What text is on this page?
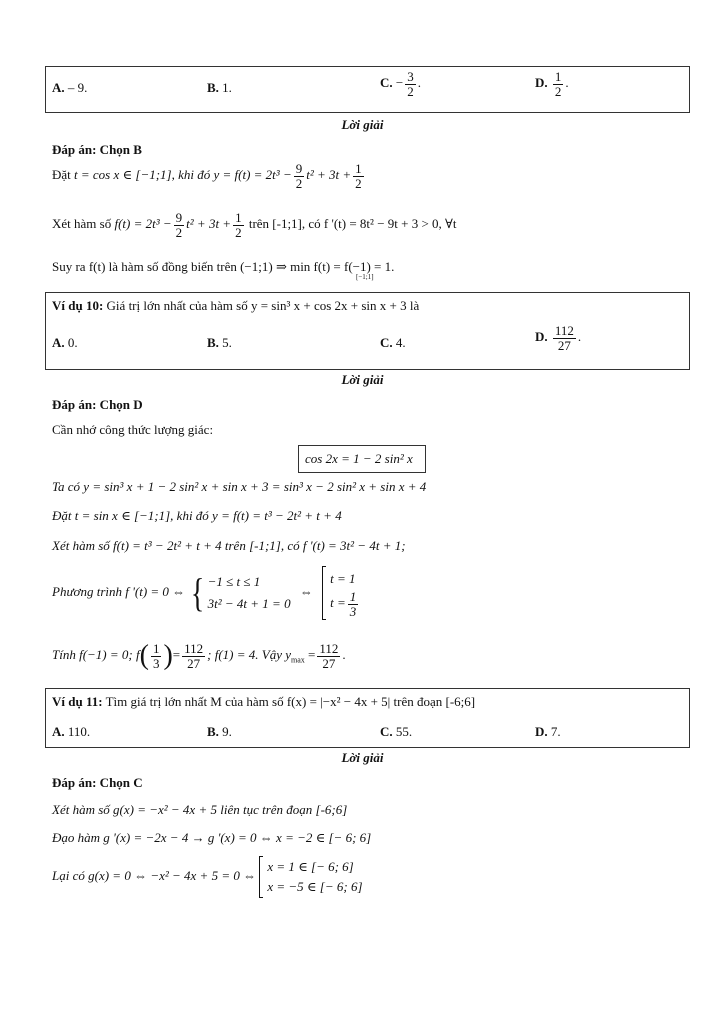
A. – 9.	B. 1.	C. − $\frac{3}{2}$ .	D. $\frac{1}{2}$ .
Lời giải
Đáp án: Chọn B
Đặt t = cos x ∈ [−1;1], khi đó $y = f(t) = 2t^3 - \frac{9}{2} t^2 + 3t + \frac{1}{2}$
Xét hàm số $f(t) = 2t^3 - \frac{9}{2} t^2 + 3t + \frac{1}{2}$ trên [-1;1], có f '(t) = 8t² − 9t + 3 > 0, ∀t
Suy ra f(t) là hàm số đồng biến trên (−1;1) ⇒ min f(t) = f(−1) = 1.
[−1;1]
Ví dụ 10: Giá trị lớn nhất của hàm số y = sin³ x + cos 2x + sin x + 3 là
A. 0.	B. 5.	C. 4.	D. $\frac{112}{27}$ .
Lời giải
Đáp án: Chọn D
Cần nhớ công thức lượng giác:
cos 2x = 1 − 2 sin² x
Ta có y = sin³ x + 1 − 2 sin² x + sin x + 3 = sin³ x − 2 sin² x + sin x + 4
Đặt t = sin x ∈ [−1;1], khi đó y = f(t) = t³ − 2t² + t + 4
Xét hàm số f(t) = t³ − 2t² + t + 4 trên [-1;1], có f '(t) = 3t² − 4t + 1;
Phương trình f '(t) = 0 ⇔ { −1 ≤ t ≤ 1
3t² − 4t + 1 = 0 ⇔ t = 1
$t = \frac{1}{3}$
Tính f(−1) = 0; $f( \frac{1}{3}$ )= $\frac{112}{27}$ ; f(1) = 4. Vậy $y_{max} = \frac{112}{27}$ .
Ví dụ 11: Tìm giá trị lớn nhất M của hàm số f(x) = |−x² − 4x + 5| trên đoạn [-6;6]
A. 110.	B. 9.	C. 55.	D. 7.
Lời giải
Đáp án: Chọn C
Xét hàm số g(x) = −x² − 4x + 5 liên tục trên đoạn [-6;6]
Đạo hàm g '(x) = −2x − 4 → g '(x) = 0 ⇔ x = −2 ∈ [− 6; 6]
Lại có g(x) = 0 ⇔ −x² − 4x + 5 = 0 ⇔ x = 1 ∈ [− 6; 6]
x = −5 ∈ [− 6; 6]
